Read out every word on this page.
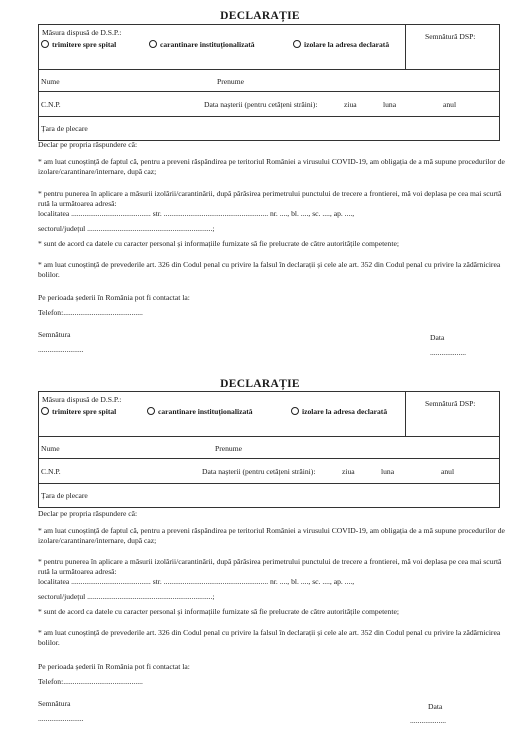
DECLARAȚIE
Măsura dispusă de D.S.P.:
trimitere spre spital	carantinare instituționalizată	izolare la adresa declarată
Semnătură DSP:
Nume	Prenume
C.N.P.	Data nașterii (pentru cetățeni străini):	ziua	luna	anul
Țara de plecare
Declar pe propria răspundere că:
* am luat cunoștință de faptul că, pentru a preveni răspândirea pe teritoriul României a virusului COVID-19, am obligația de a mă supune procedurilor de izolare/carantinare/internare, după caz;
* pentru punerea în aplicare a măsurii izolării/carantinării, după părăsirea perimetrului punctului de trecere a frontierei, mă voi deplasa pe cea mai scurtă rută la următoarea adresă:
localitatea .......................................... str. ....................................................... nr. ...., bl. ...., sc. ...., ap. ....,
sectorul/județul ..................................................................;
* sunt de acord ca datele cu caracter personal și informațiile furnizate să fie prelucrate de către autoritățile competente;
* am luat cunoștință de prevederile art. 326 din Codul penal cu privire la falsul în declarații și cele ale art. 352 din Codul penal cu privire la zădărnicirea bolilor.
Pe perioada șederii în România pot fi contactat la:
Telefon:..........................................
Semnătura
........................
Data
...................
DECLARAȚIE
Măsura dispusă de D.S.P.:
trimitere spre spital	carantinare instituționalizată	izolare la adresa declarată
Semnătură DSP:
Nume	Prenume
C.N.P.	Data nașterii (pentru cetățeni străini):	ziua	luna	anul
Țara de plecare
Declar pe propria răspundere că:
* am luat cunoștință de faptul că, pentru a preveni răspândirea pe teritoriul României a virusului COVID-19, am obligația de a mă supune procedurilor de izolare/carantinare/internare, după caz;
* pentru punerea în aplicare a măsurii izolării/carantinării, după părăsirea perimetrului punctului de trecere a frontierei, mă voi deplasa pe cea mai scurtă rută la următoarea adresă:
localitatea .......................................... str. ....................................................... nr. ...., bl. ...., sc. ...., ap. ....,
sectorul/județul ..................................................................;
* sunt de acord ca datele cu caracter personal și informațiile furnizate să fie prelucrate de către autoritățile competente;
* am luat cunoștință de prevederile art. 326 din Codul penal cu privire la falsul în declarații și cele ale art. 352 din Codul penal cu privire la zădărnicirea bolilor.
Pe perioada șederii în România pot fi contactat la:
Telefon:..........................................
Semnătura
........................
Data
...................
